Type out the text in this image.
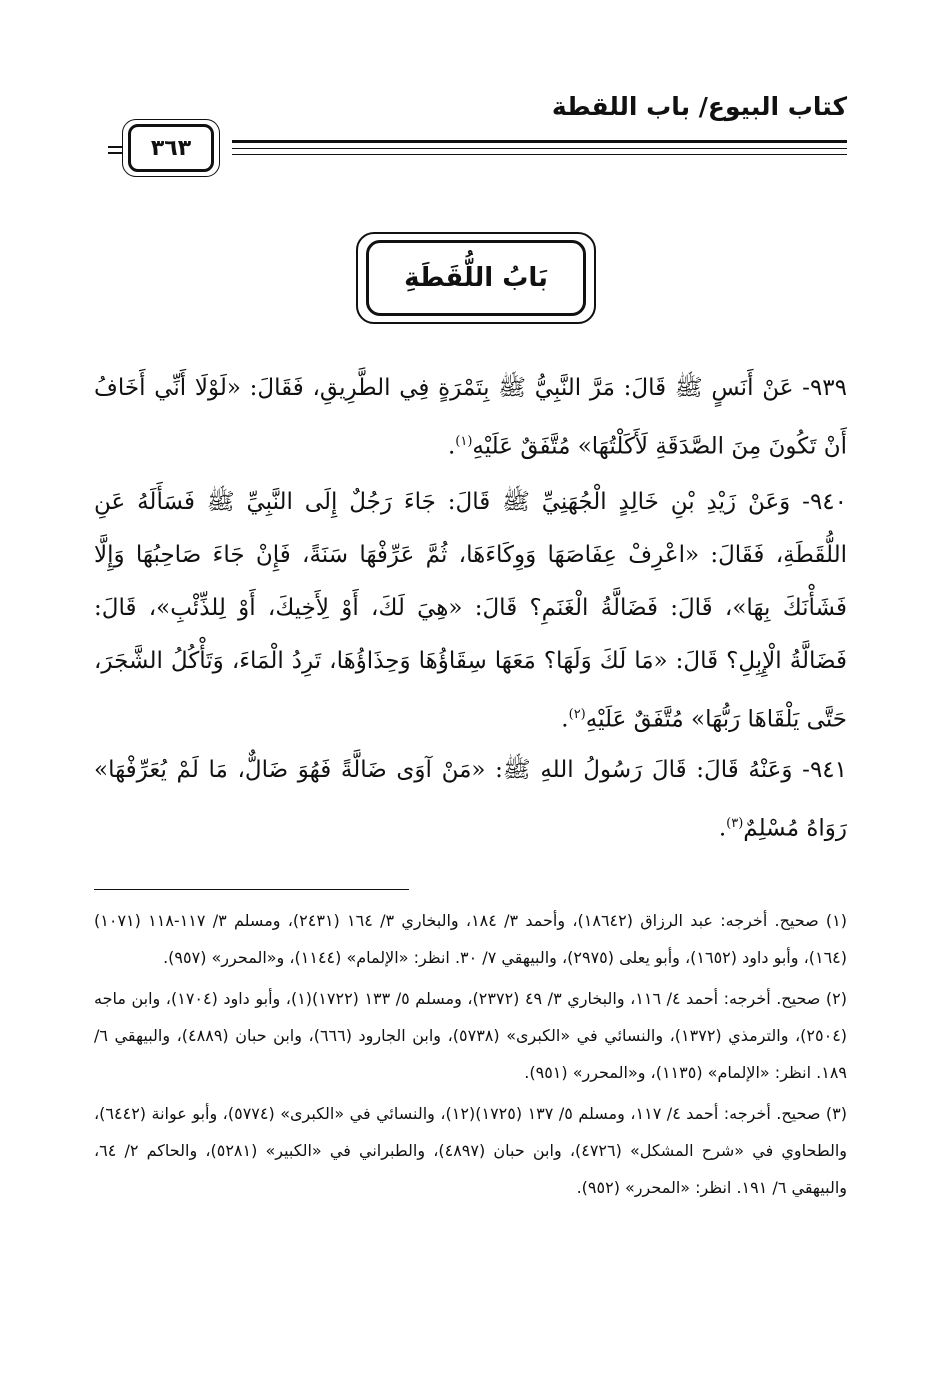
كتاب البيوع/ باب اللقطة
٣٦٣
بَابُ اللُّقَطَةِ

٩٣٩- عَنْ أَنَسٍ ﷺ قَالَ: مَرَّ النَّبِيُّ ﷺ بِتَمْرَةٍ فِي الطَّرِيقِ، فَقَالَ: «لَوْلَا أَنِّي أَخَافُ أَنْ تَكُونَ مِنَ الصَّدَقَةِ لَأَكَلْتُهَا» مُتَّفَقٌ عَلَيْهِ$^{(١)}$.

٩٤٠- وَعَنْ زَيْدِ بْنِ خَالِدٍ الْجُهَنِيِّ ﷺ قَالَ: جَاءَ رَجُلٌ إِلَى النَّبِيِّ ﷺ فَسَأَلَهُ عَنِ اللُّقَطَةِ، فَقَالَ: «اعْرِفْ عِفَاصَهَا وَوِكَاءَهَا، ثُمَّ عَرِّفْهَا سَنَةً، فَإِنْ جَاءَ صَاحِبُهَا وَإِلَّا فَشَأْنَكَ بِهَا»، قَالَ: فَضَالَّةُ الْغَنَمِ؟ قَالَ: «هِيَ لَكَ، أَوْ لِأَخِيكَ، أَوْ لِلذِّئْبِ»، قَالَ: فَضَالَّةُ الْإِبِلِ؟ قَالَ: «مَا لَكَ وَلَهَا؟ مَعَهَا سِقَاؤُهَا وَحِذَاؤُهَا، تَرِدُ الْمَاءَ، وَتَأْكُلُ الشَّجَرَ، حَتَّى يَلْقَاهَا رَبُّهَا» مُتَّفَقٌ عَلَيْهِ$^{(٢)}$.

٩٤١- وَعَنْهُ قَالَ: قَالَ رَسُولُ اللهِ ﷺ: «مَنْ آوَى ضَالَّةً فَهُوَ ضَالٌّ، مَا لَمْ يُعَرِّفْهَا» رَوَاهُ مُسْلِمٌ$^{(٣)}$.

(١) صحيح. أخرجه: عبد الرزاق (١٨٦٤٢)، وأحمد ٣/ ١٨٤، والبخاري ٣/ ١٦٤ (٢٤٣١)، ومسلم ٣/ ١١٧-١١٨ (١٠٧١)(١٦٤)، وأبو داود (١٦٥٢)، وأبو يعلى (٢٩٧٥)، والبيهقي ٧/ ٣٠. انظر: «الإلمام» (١١٤٤)، و«المحرر» (٩٥٧).

(٢) صحيح. أخرجه: أحمد ٤/ ١١٦، والبخاري ٣/ ٤٩ (٢٣٧٢)، ومسلم ٥/ ١٣٣ (١٧٢٢)(١)، وأبو داود (١٧٠٤)، وابن ماجه (٢٥٠٤)، والترمذي (١٣٧٢)، والنسائي في «الكبرى» (٥٧٣٨)، وابن الجارود (٦٦٦)، وابن حبان (٤٨٨٩)، والبيهقي ٦/ ١٨٩. انظر: «الإلمام» (١١٣٥)، و«المحرر» (٩٥١).

(٣) صحيح. أخرجه: أحمد ٤/ ١١٧، ومسلم ٥/ ١٣٧ (١٧٢٥)(١٢)، والنسائي في «الكبرى» (٥٧٧٤)، وأبو عوانة (٦٤٤٢)، والطحاوي في «شرح المشكل» (٤٧٢٦)، وابن حبان (٤٨٩٧)، والطبراني في «الكبير» (٥٢٨١)، والحاكم ٢/ ٦٤، والبيهقي ٦/ ١٩١. انظر: «المحرر» (٩٥٢).
